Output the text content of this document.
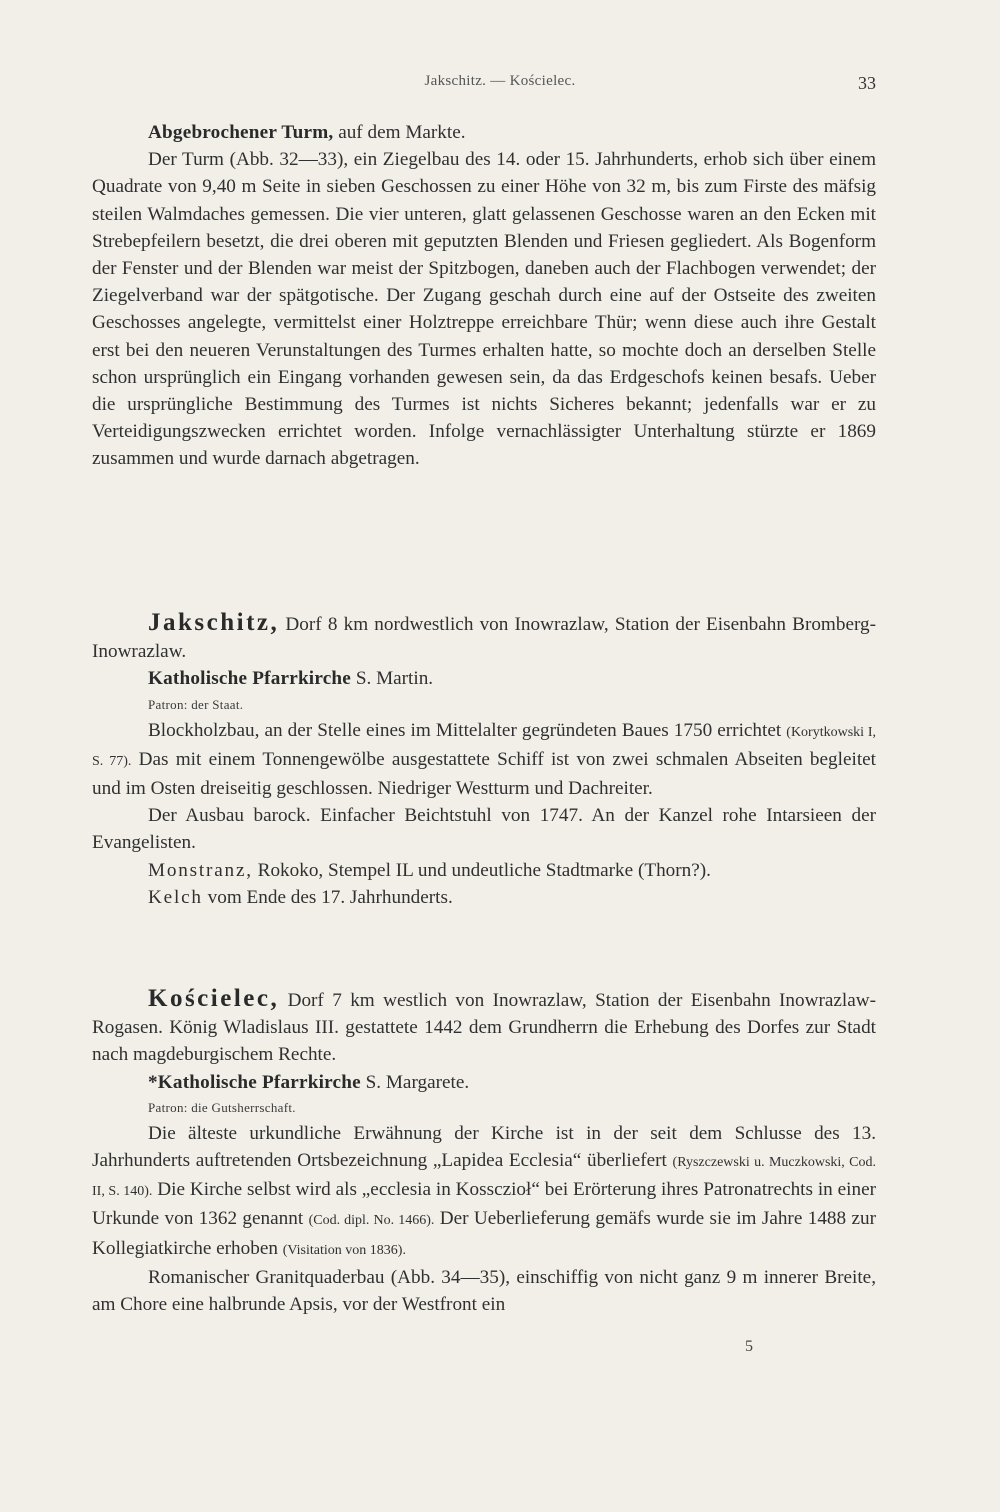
Jakschitz. — Kościelec.	33

Abgebrochener Turm, auf dem Markte.

Der Turm (Abb. 32—33), ein Ziegelbau des 14. oder 15. Jahrhunderts, erhob sich über einem Quadrate von 9,40 m Seite in sieben Geschossen zu einer Höhe von 32 m, bis zum Firste des mäfsig steilen Walmdaches gemessen. Die vier unteren, glatt gelassenen Geschosse waren an den Ecken mit Strebepfeilern besetzt, die drei oberen mit geputzten Blenden und Friesen gegliedert. Als Bogenform der Fenster und der Blenden war meist der Spitzbogen, daneben auch der Flachbogen verwendet; der Ziegelverband war der spätgotische. Der Zugang geschah durch eine auf der Ostseite des zweiten Geschosses angelegte, vermittelst einer Holztreppe erreichbare Thür; wenn diese auch ihre Gestalt erst bei den neueren Verunstaltungen des Turmes erhalten hatte, so mochte doch an derselben Stelle schon ursprünglich ein Eingang vorhanden gewesen sein, da das Erdgeschofs keinen besafs. Ueber die ursprüngliche Bestimmung des Turmes ist nichts Sicheres bekannt; jedenfalls war er zu Verteidigungszwecken errichtet worden. Infolge vernachlässigter Unterhaltung stürzte er 1869 zusammen und wurde darnach abgetragen.

Jakschitz, Dorf 8 km nordwestlich von Inowrazlaw, Station der Eisenbahn Bromberg-Inowrazlaw.

Katholische Pfarrkirche S. Martin.

Patron: der Staat.

Blockholzbau, an der Stelle eines im Mittelalter gegründeten Baues 1750 errichtet (Korytkowski I, S. 77). Das mit einem Tonnengewölbe ausgestattete Schiff ist von zwei schmalen Abseiten begleitet und im Osten dreiseitig geschlossen. Niedriger Westturm und Dachreiter.

Der Ausbau barock. Einfacher Beichtstuhl von 1747. An der Kanzel rohe Intarsieen der Evangelisten.

Monstranz, Rokoko, Stempel IL und undeutliche Stadtmarke (Thorn?).

Kelch vom Ende des 17. Jahrhunderts.

Kościelec, Dorf 7 km westlich von Inowrazlaw, Station der Eisenbahn Inowrazlaw-Rogasen. König Wladislaus III. gestattete 1442 dem Grundherrn die Erhebung des Dorfes zur Stadt nach magdeburgischem Rechte.

*Katholische Pfarrkirche S. Margarete.

Patron: die Gutsherrschaft.

Die älteste urkundliche Erwähnung der Kirche ist in der seit dem Schlusse des 13. Jahrhunderts auftretenden Ortsbezeichnung „Lapidea Ecclesia“ überliefert (Ryszczewski u. Muczkowski, Cod. II, S. 140). Die Kirche selbst wird als „ecclesia in Kossczioł“ bei Erörterung ihres Patronatrechts in einer Urkunde von 1362 genannt (Cod. dipl. No. 1466). Der Ueberlieferung gemäfs wurde sie im Jahre 1488 zur Kollegiatkirche erhoben (Visitation von 1836).

Romanischer Granitquaderbau (Abb. 34—35), einschiffig von nicht ganz 9 m innerer Breite, am Chore eine halbrunde Apsis, vor der Westfront ein

5
